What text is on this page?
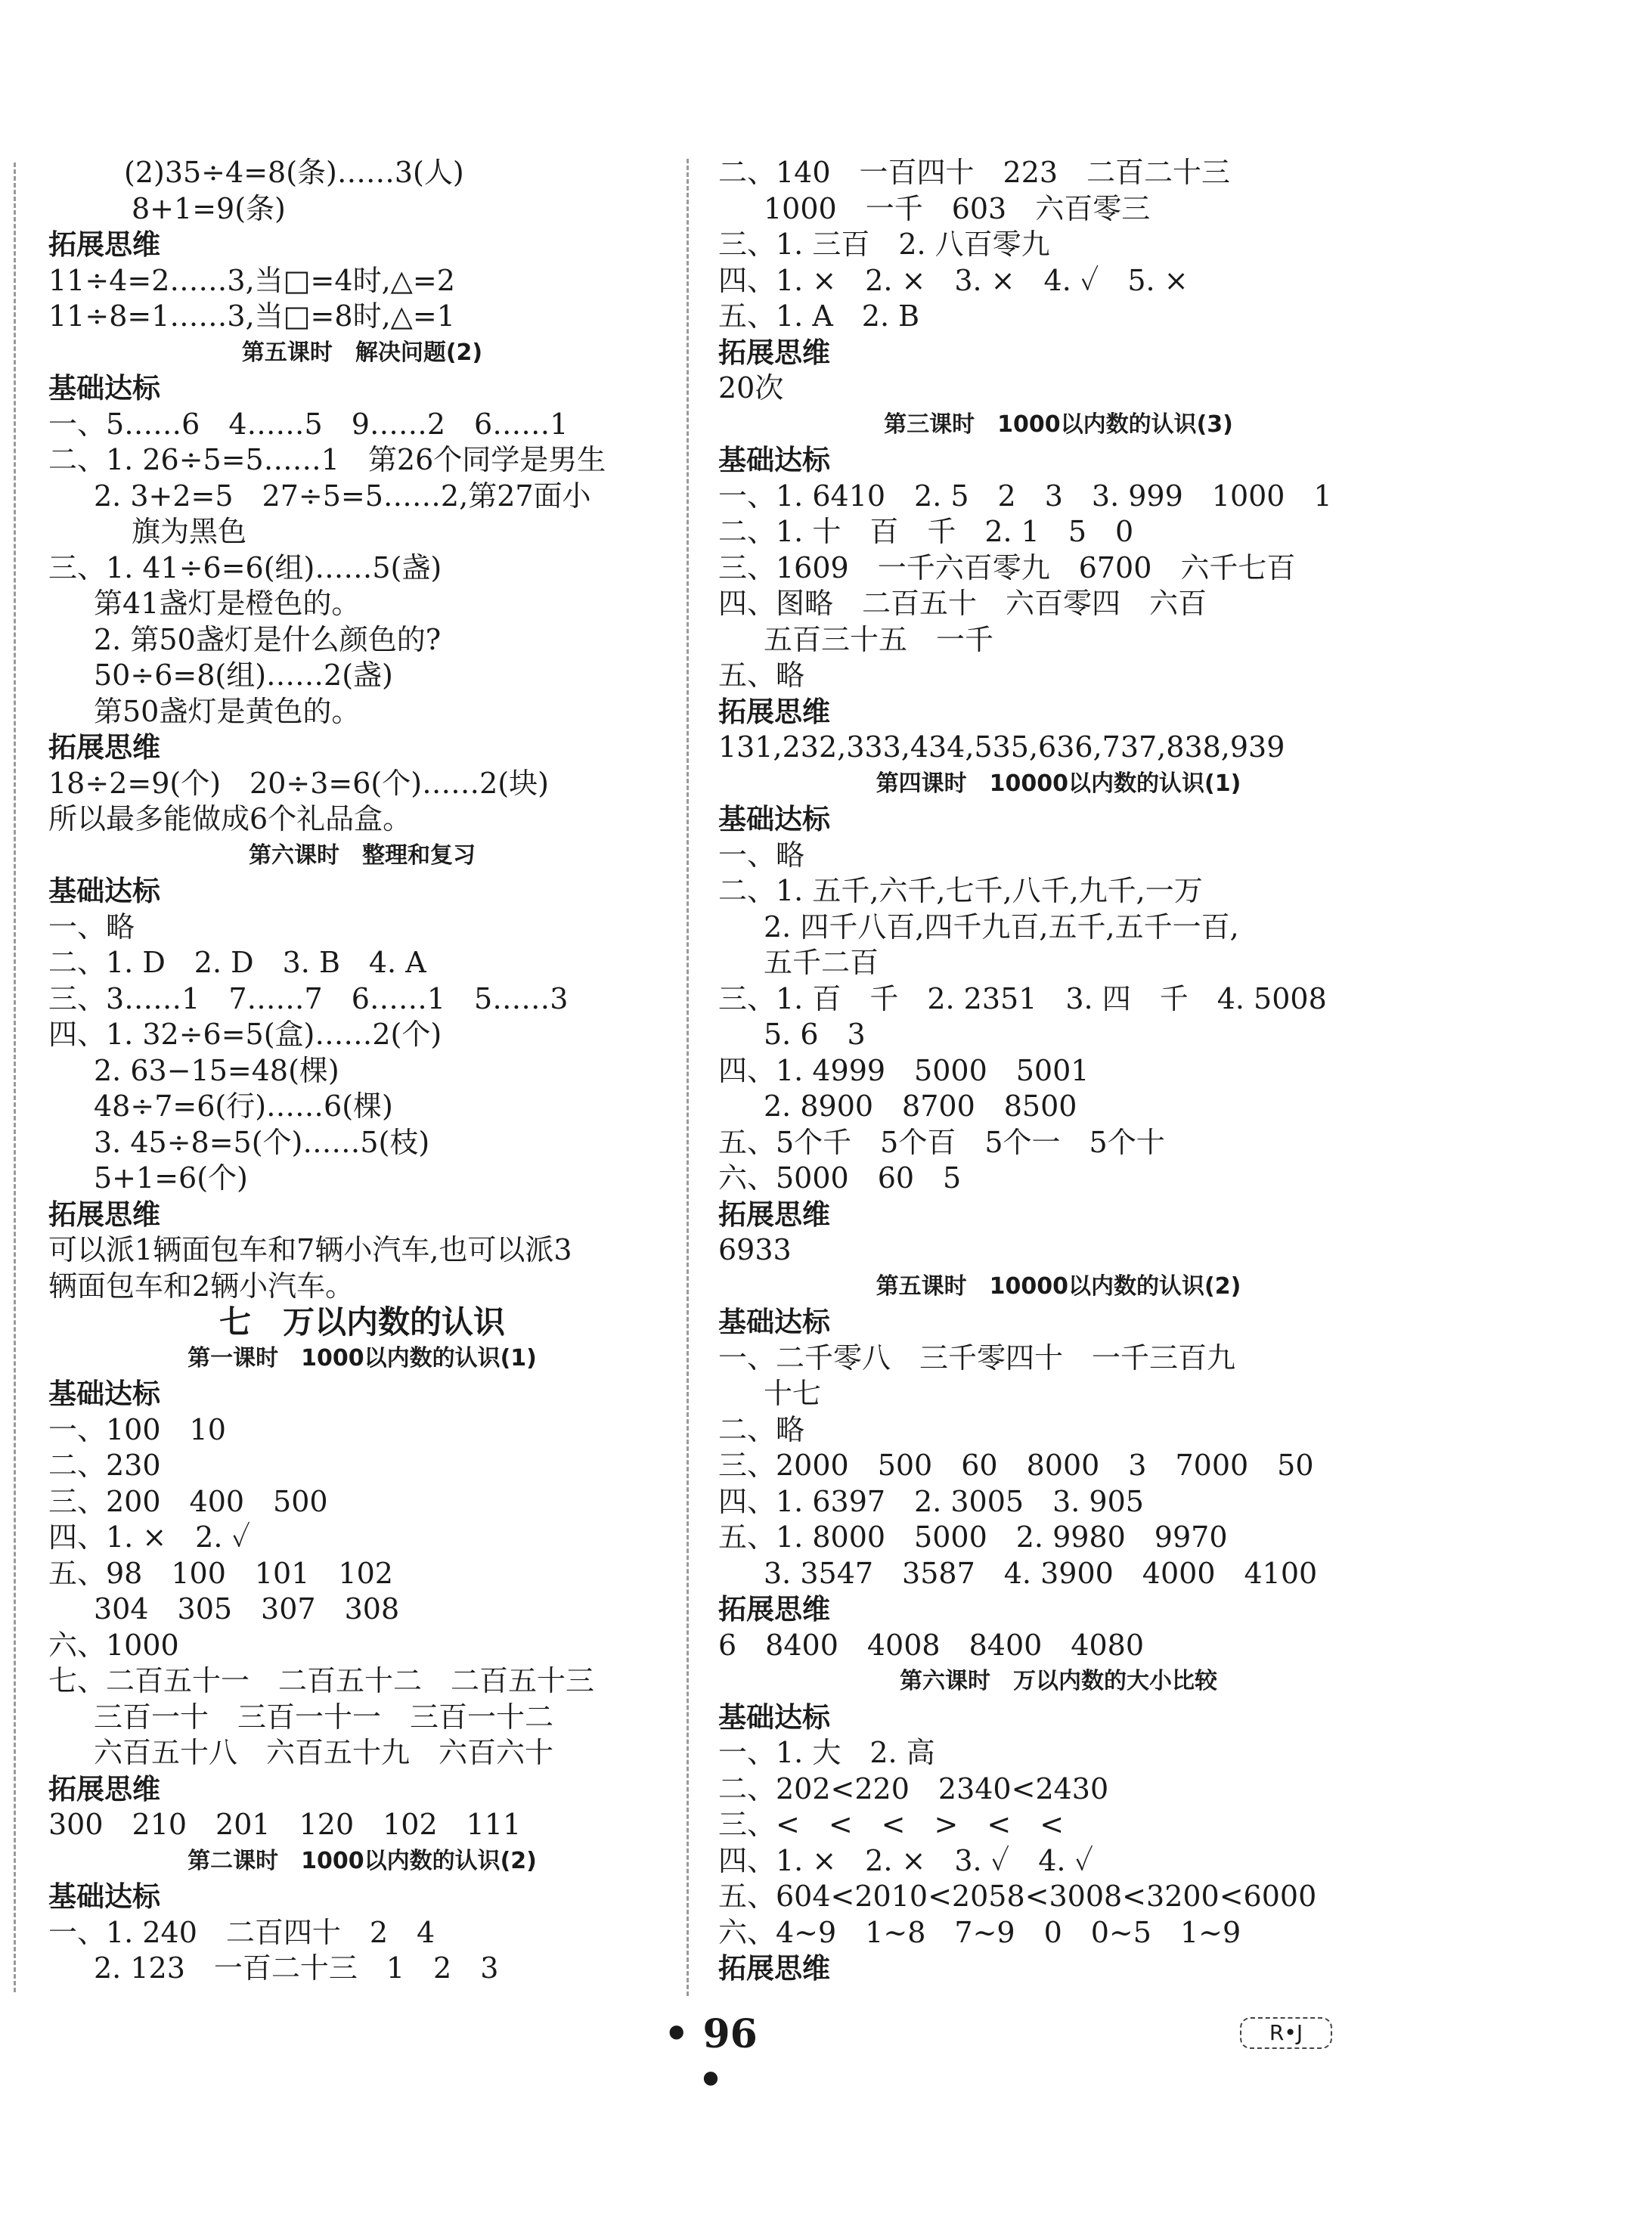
(2)35÷4=8(条)……3(人)
8+1=9(条)
拓展思维
11÷4=2……3,当□=4时,△=2
11÷8=1……3,当□=8时,△=1
第五课时　解决问题(2)
基础达标
一、5……6　4……5　9……2　6……1
二、1. 26÷5=5……1　第26个同学是男生
2. 3+2=5　27÷5=5……2,第27面小
旗为黑色
三、1. 41÷6=6(组)……5(盏)
第41盏灯是橙色的。
2. 第50盏灯是什么颜色的?
50÷6=8(组)……2(盏)
第50盏灯是黄色的。
拓展思维
18÷2=9(个)　20÷3=6(个)……2(块)
所以最多能做成6个礼品盒。
第六课时　整理和复习
基础达标
一、略
二、1. D　2. D　3. B　4. A
三、3……1　7……7　6……1　5……3
四、1. 32÷6=5(盒)……2(个)
2. 63−15=48(棵)
48÷7=6(行)……6(棵)
3. 45÷8=5(个)……5(枝)
5+1=6(个)
拓展思维
可以派1辆面包车和7辆小汽车,也可以派3
辆面包车和2辆小汽车。
七　万以内数的认识
第一课时　1000以内数的认识(1)
基础达标
一、100　10
二、230
三、200　400　500
四、1. ×　2. ✓
五、98　100　101　102
304　305　307　308
六、1000
七、二百五十一　二百五十二　二百五十三
三百一十　三百一十一　三百一十二
六百五十八　六百五十九　六百六十
拓展思维
300　210　201　120　102　111
第二课时　1000以内数的认识(2)
基础达标
一、1. 240　二百四十　2　4
2. 123　一百二十三　1　2　3
二、140　一百四十　223　二百二十三
1000　一千　603　六百零三
三、1. 三百　2. 八百零九
四、1. ×　2. ×　3. ×　4. ✓　5. ×
五、1. A　2. B
拓展思维
20次
第三课时　1000以内数的认识(3)
基础达标
一、1. 6410　2. 5　2　3　3. 999　1000　1
二、1. 十　百　千　2. 1　5　0
三、1609　一千六百零九　6700　六千七百
四、图略　二百五十　六百零四　六百
五百三十五　一千
五、略
拓展思维
131,232,333,434,535,636,737,838,939
第四课时　10000以内数的认识(1)
基础达标
一、略
二、1. 五千,六千,七千,八千,九千,一万
2. 四千八百,四千九百,五千,五千一百,
五千二百
三、1. 百　千　2. 2351　3. 四　千　4. 5008
5. 6　3
四、1. 4999　5000　5001
2. 8900　8700　8500
五、5个千　5个百　5个一　5个十
六、5000　60　5
拓展思维
6933
第五课时　10000以内数的认识(2)
基础达标
一、二千零八　三千零四十　一千三百九
十七
二、略
三、2000　500　60　8000　3　7000　50
四、1. 6397　2. 3005　3. 905
五、1. 8000　5000　2. 9980　9970
3. 3547　3587　4. 3900　4000　4100
拓展思维
6　8400　4008　8400　4080
第六课时　万以内数的大小比较
基础达标
一、1. 大　2. 高
二、202<220　2340<2430
三、<　<　<　>　<　<
四、1. ×　2. ×　3. ✓　4. ✓
五、604<2010<2058<3008<3200<6000
六、4~9　1~8　7~9　0　0~5　1~9
拓展思维
• 96 •
R•J
